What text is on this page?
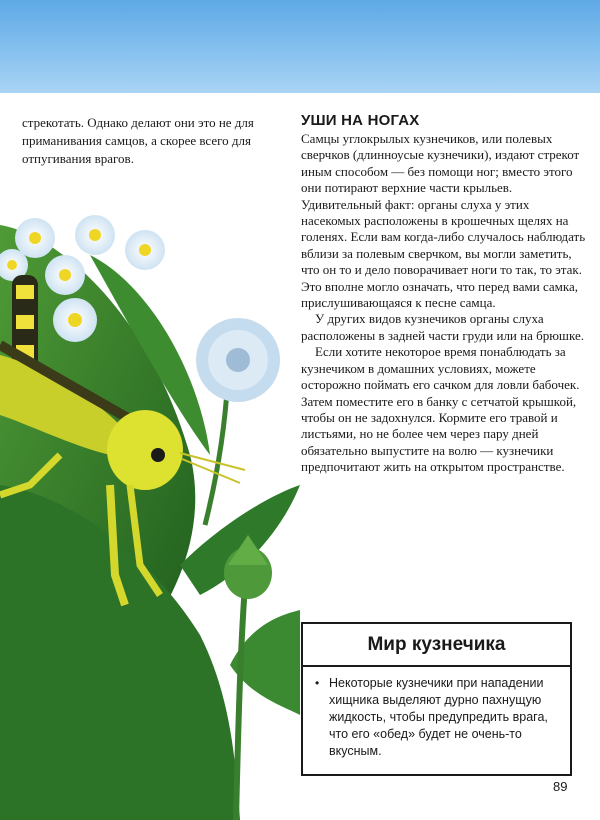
стрекотать. Однако делают они это не для приманивания самцов, а скорее всего для отпугивания врагов.
УШИ НА НОГАХ

Самцы углокрылых кузнечиков, или полевых сверчков (длинноусые кузнечики), издают стрекот иным способом — без помощи ног; вместо этого они потирают верхние части крыльев. Удивительный факт: органы слуха у этих насекомых расположены в крошечных щелях на голенях. Если вам когда-либо случалось наблюдать вблизи за полевым сверчком, вы могли заметить, что он то и дело поворачивает ноги то так, то этак. Это вполне могло означать, что перед вами самка, прислушивающаяся к песне самца.

У других видов кузнечиков органы слуха расположены в задней части груди или на брюшке.

Если хотите некоторое время понаблюдать за кузнечиком в домашних условиях, можете осторожно поймать его сачком для ловли бабочек. Затем поместите его в банку с сетчатой крышкой, чтобы он не задохнулся. Кормите его травой и листьями, но не более чем через пару дней обязательно выпустите на волю — кузнечики предпочитают жить на открытом пространстве.

Мир кузнечика
• Некоторые кузнечики при нападении хищника выделяют дурно пахнущую жидкость, чтобы предупредить врага, что его «обед» будет не очень-то вкусным.
89
